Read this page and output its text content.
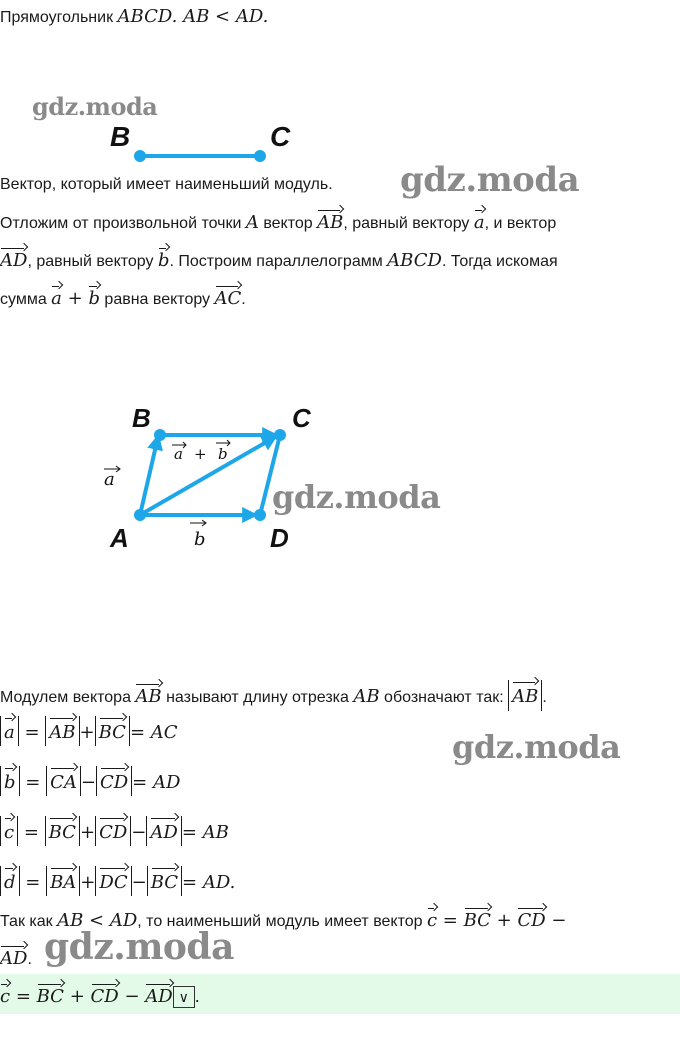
Прямоугольник ABCD. AB < AD.
gdz.moda
B	C
Вектор, который имеет наименьший модуль. gdz.moda
Отложим от произвольной точки A вектор AB, равный вектору a, и вектор
AD, равный вектору b. Построим параллелограмм ABCD. Тогда искомая
сумма a + b равна вектору AC.
A
B	C
D
a
b
a + b
gdz.moda
Модулем вектора AB называют длину отрезка AB обозначают так: AB .
a = AB + BC = AC	gdz.moda
b = CA − CD = AD
c = BC + CD − AD = AB
d = BA + DC − BC = AD.
Так как AB < AD, то наименьший модуль имеет вектор c = BC + CD −
AD. gdz.moda
c = BC + CD − AD ∨ .
